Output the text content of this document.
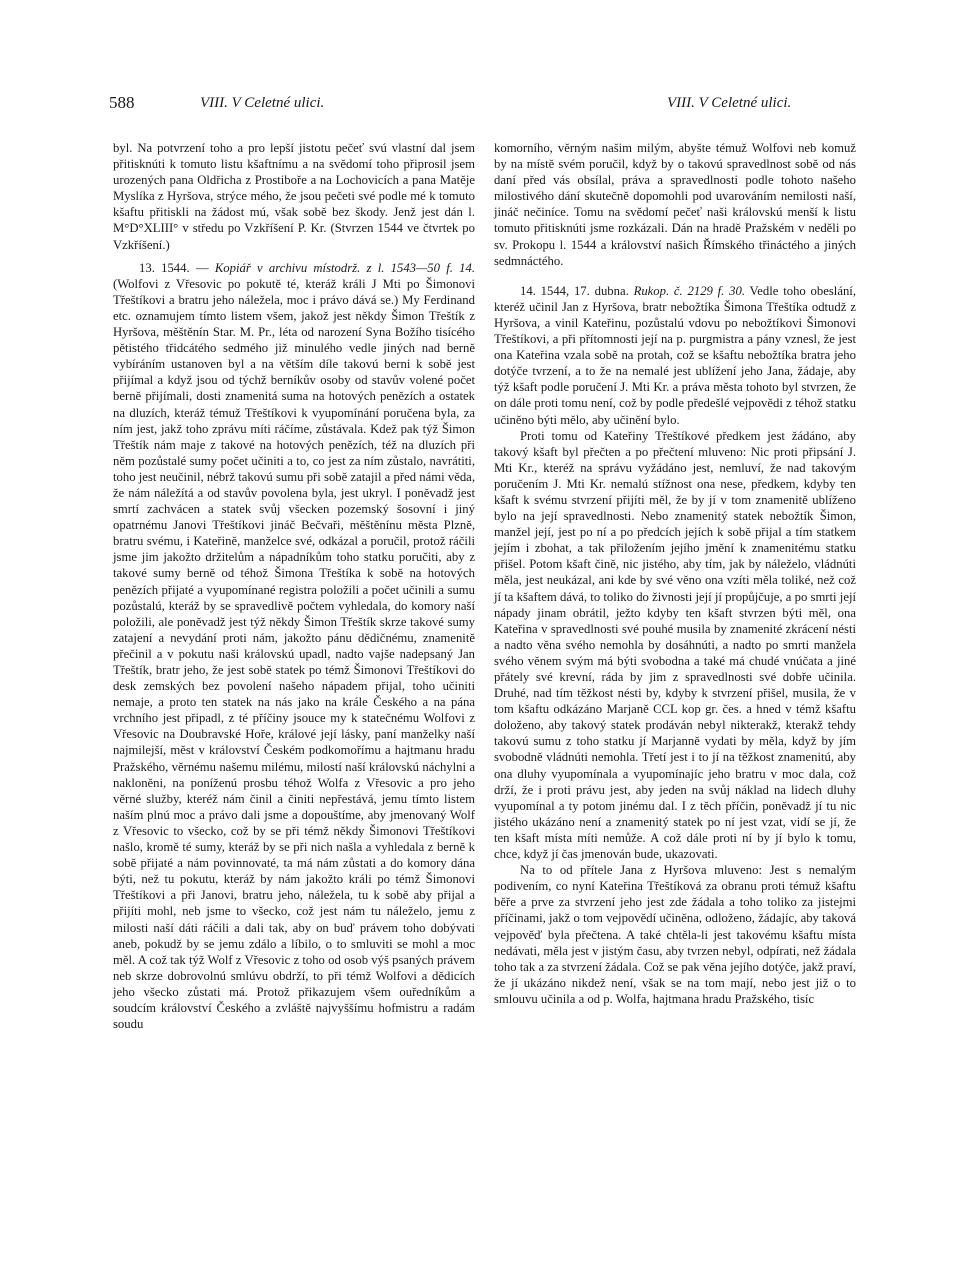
588	VIII. V Celetné ulici.	VIII. V Celetné ulici.

byl. Na potvrzení toho a pro lepší jistotu pečeť svú vlastní dal jsem přitisknúti k tomuto listu kšaftnímu a na svědomí toho připrosil jsem urozených pana Oldřicha z Prostiboře a na Lochovicích a pana Matěje Myslíka z Hyršova, strýce mého, že jsou pečeti své podle mé k tomuto kšaftu přitiskli na žádost mú, však sobě bez škody. Jenž jest dán l. M°D°XLIII° v středu po Vzkříšení P. Kr. (Stvrzen 1544 ve čtvrtek po Vzkříšení.)

13. 1544. — Kopiář v archivu místodrž. z l. 1543—50 f. 14. (Wolfovi z Vřesovic po pokutě té, kteráž králi J Mti po Šimonovi Třeštíkovi a bratru jeho náležela, moc i právo dává se.) My Ferdinand etc. oznamujem tímto listem všem, jakož jest někdy Šimon Třeštík z Hyršova, měštěnín Star. M. Pr., léta od narození Syna Božího tisícého pětistého třidcátého sedmého již minulého vedle jiných nad berně vybíráním ustanoven byl a na větším díle takovú berni k sobě jest přijímal a když jsou od týchž berníkův osoby od stavův volené počet berně přijímali, dosti znamenitá suma na hotových penězích a ostatek na dluzích, kteráž témuž Třeštíkovi k vyupomínání poručena byla, za ním jest, jakž toho zprávu míti ráčíme, zůstávala. Kdež pak týž Šimon Třeštík nám maje z takové na hotových penězích, též na dluzích při něm pozůstalé sumy počet učiniti a to, co jest za ním zůstalo, navrátiti, toho jest neučinil, nébrž takovú sumu při sobě zatajil a před námi věda, že nám náležítá a od stavův povolena byla, jest ukryl. I poněvadž jest smrtí zachvácen a statek svůj všecken pozemský šosovní i jiný opatrnému Janovi Třeštíkovi jináč Bečvaři, měštěnínu města Plzně, bratru svému, i Kateřině, manželce své, odkázal a poručil, protož ráčili jsme jim jakožto držitelům a nápadníkům toho statku poručiti, aby z takové sumy berně od téhož Šimona Třeštíka k sobě na hotových penězích přijaté a vyupomínané registra položili a počet učinili a sumu pozůstalú, kteráž by se spravedlivě počtem vyhledala, do komory naší položili, ale poněvadž jest týž někdy Šimon Třeštík skrze takové sumy zatajení a nevydání proti nám, jakožto pánu dědičnému, znamenitě přečinil a v pokutu naši královskú upadl, nadto vajše nadepsaný Jan Třeštík, bratr jeho, že jest sobě statek po témž Šimonovi Třeštíkovi do desk zemských bez povolení našeho nápadem přijal, toho učiniti nemaje, a proto ten statek na nás jako na krále Českého a na pána vrchního jest připadl, z té příčiny jsouce my k statečnému Wolfovi z Vřesovic na Doubravské Hoře, králové její lásky, paní manželky naší najmilejší, měst v království Českém podkomořímu a hajtmanu hradu Pražského, věrnému našemu milému, milostí naší královskú náchylni a nakloněni, na poníženú prosbu téhož Wolfa z Vřesovic a pro jeho věrné služby, kteréž nám činil a činiti nepřestává, jemu tímto listem naším plnú moc a právo dali jsme a dopouštíme, aby jmenovaný Wolf z Vřesovic to všecko, což by se při témž někdy Šimonovi Třeštíkovi našlo, kromě té sumy, kteráž by se při nich našla a vyhledala z berně k sobě přijaté a nám povinnovaté, ta má nám zůstati a do komory dána býti, než tu pokutu, kteráž by nám jakožto králi po témž Šimonovi Třeštíkovi a při Janovi, bratru jeho, náležela, tu k sobě aby přijal a přijíti mohl, neb jsme to všecko, což jest nám tu náleželo, jemu z milosti naší dáti ráčili a dali tak, aby on buď právem toho dobývati aneb, pokudž by se jemu zdálo a líbilo, o to smluviti se mohl a moc měl. A což tak týž Wolf z Vřesovic z toho od osob výš psaných právem neb skrze dobrovolnú smlúvu obdrží, to při témž Wolfovi a dědicích jeho všecko zůstati má. Protož přikazujem všem ouředníkům a soudcím království Českého a zvláště najvyššímu hofmistru a radám soudu

komorního, věrným našim milým, abyšte témuž Wolfovi neb komuž by na místě svém poručil, když by o takovú spravedlnost sobě od nás daní před vás obsílal, práva a spravedlnosti podle tohoto našeho milostivého dání skutečně dopomohli pod uvarováním nemilosti naší, jináč nečiníce. Tomu na svědomí pečeť naši královskú menší k listu tomuto přitisknúti jsme rozkázali. Dán na hradě Pražském v neděli po sv. Prokopu l. 1544 a království našich Římského třináctého a jiných sedmnáctého.

14. 1544, 17. dubna. Rukop. č. 2129 f. 30. Vedle toho obeslání, kteréž učinil Jan z Hyršova, bratr nebožtíka Šimona Třeštíka odtudž z Hyršova, a vinil Kateřinu, pozůstalú vdovu po nebožtíkovi Šimonovi Třeštíkovi, a při přítomnosti její na p. purgmistra a pány vznesl, že jest ona Kateřina vzala sobě na protah, což se kšaftu nebožtíka bratra jeho dotýče tvrzení, a to že na nemalé jest ublížení jeho Jana, žádaje, aby týž kšaft podle poručení J. Mti Kr. a práva města tohoto byl stvrzen, že on dále proti tomu není, což by podle předešlé vejpovědi z téhož statku učiněno býti mělo, aby učinění bylo.

Proti tomu od Kateřiny Třeštíkové předkem jest žádáno, aby takový kšaft byl přečten a po přečtení mluveno: Nic proti připsání J. Mti Kr., kteréž na správu vyžádáno jest, nemluví, že nad takovým poručením J. Mti Kr. nemalú stížnost ona nese, předkem, kdyby ten kšaft k svému stvrzení přijíti měl, že by jí v tom znamenitě ublíženo bylo na její spravedlnosti. Nebo znamenitý statek nebožtík Šimon, manžel její, jest po ní a po předcích jejích k sobě přijal a tím statkem jejím i zbohat, a tak přiložením jejího jmění k znamenitému statku přišel. Potom kšaft čině, nic jistého, aby tím, jak by náleželo, vládnúti měla, jest neukázal, ani kde by své věno ona vzíti měla toliké, než což jí ta kšaftem dává, to toliko do živnosti její jí propůjčuje, a po smrti její nápady jinam obrátil, ježto kdyby ten kšaft stvrzen býti měl, ona Kateřina v spravedlnosti své pouhé musila by znamenité zkrácení nésti a nadto věna svého nemohla by dosáhnúti, a nadto po smrti manžela svého věnem svým má býti svobodna a také má chudé vnúčata a jiné přátely své krevní, ráda by jim z spravedlnosti své dobře učinila. Druhé, nad tím těžkost nésti by, kdyby k stvrzení přišel, musila, že v tom kšaftu odkázáno Marjaně CCL kop gr. čes. a hned v témž kšaftu doloženo, aby takový statek prodáván nebyl nikterakž, kterakž tehdy takovú sumu z toho statku jí Marjanně vydati by měla, když by jím svobodně vládnúti nemohla. Třetí jest i to jí na těžkost znamenitú, aby ona dluhy vyupomínala a vyupomínajíc jeho bratru v moc dala, což drží, že i proti právu jest, aby jeden na svůj náklad na lidech dluhy vyupomínal a ty potom jinému dal. I z těch příčin, poněvadž jí tu nic jistého ukázáno není a znamenitý statek po ní jest vzat, vidí se jí, že ten kšaft místa míti nemůže. A což dále proti ní by jí bylo k tomu, chce, když jí čas jmenován bude, ukazovati.

Na to od přítele Jana z Hyršova mluveno: Jest s nemalým podivením, co nyní Kateřina Třeštíková za obranu proti témuž kšaftu běře a prve za stvrzení jeho jest zde žádala a toho toliko za jistejmi příčinami, jakž o tom vejpovědí učiněna, odloženo, žádajíc, aby taková vejpověď byla přečtena. A také chtěla-li jest takovému kšaftu místa nedávati, měla jest v jistým času, aby tvrzen nebyl, odpírati, než žádala toho tak a za stvrzení žádala. Což se pak věna jejího dotýče, jakž praví, že jí ukázáno nikdež není, však se na tom mají, nebo jest již o to smlouvu učinila a od p. Wolfa, hajtmana hradu Pražského, tisíc
